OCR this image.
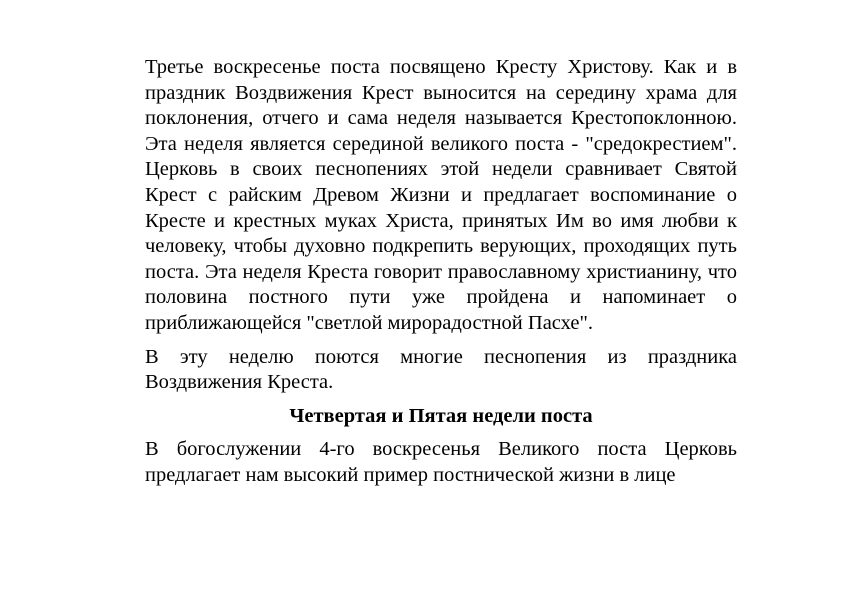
Третье воскресенье поста посвящено Кресту Христову. Как и в праздник Воздвижения Крест выносится на середину храма для поклонения, отчего и сама неделя называется Крестопоклонною. Эта неделя является серединой великого поста - "средокрестием". Церковь в своих песнопениях этой недели сравнивает Святой Крест с райским Древом Жизни и предлагает воспоминание о Кресте и крестных муках Христа, принятых Им во имя любви к человеку, чтобы духовно подкрепить верующих, проходящих путь поста. Эта неделя Креста говорит православному христианину, что половина постного пути уже пройдена и напоминает о приближающейся "светлой мирорадостной Пасхе".

В эту неделю поются многие песнопения из праздника Воздвижения Креста.

Четвертая и Пятая недели поста

В богослужении 4-го воскресенья Великого поста Церковь предлагает нам высокий пример постнической жизни в лице
